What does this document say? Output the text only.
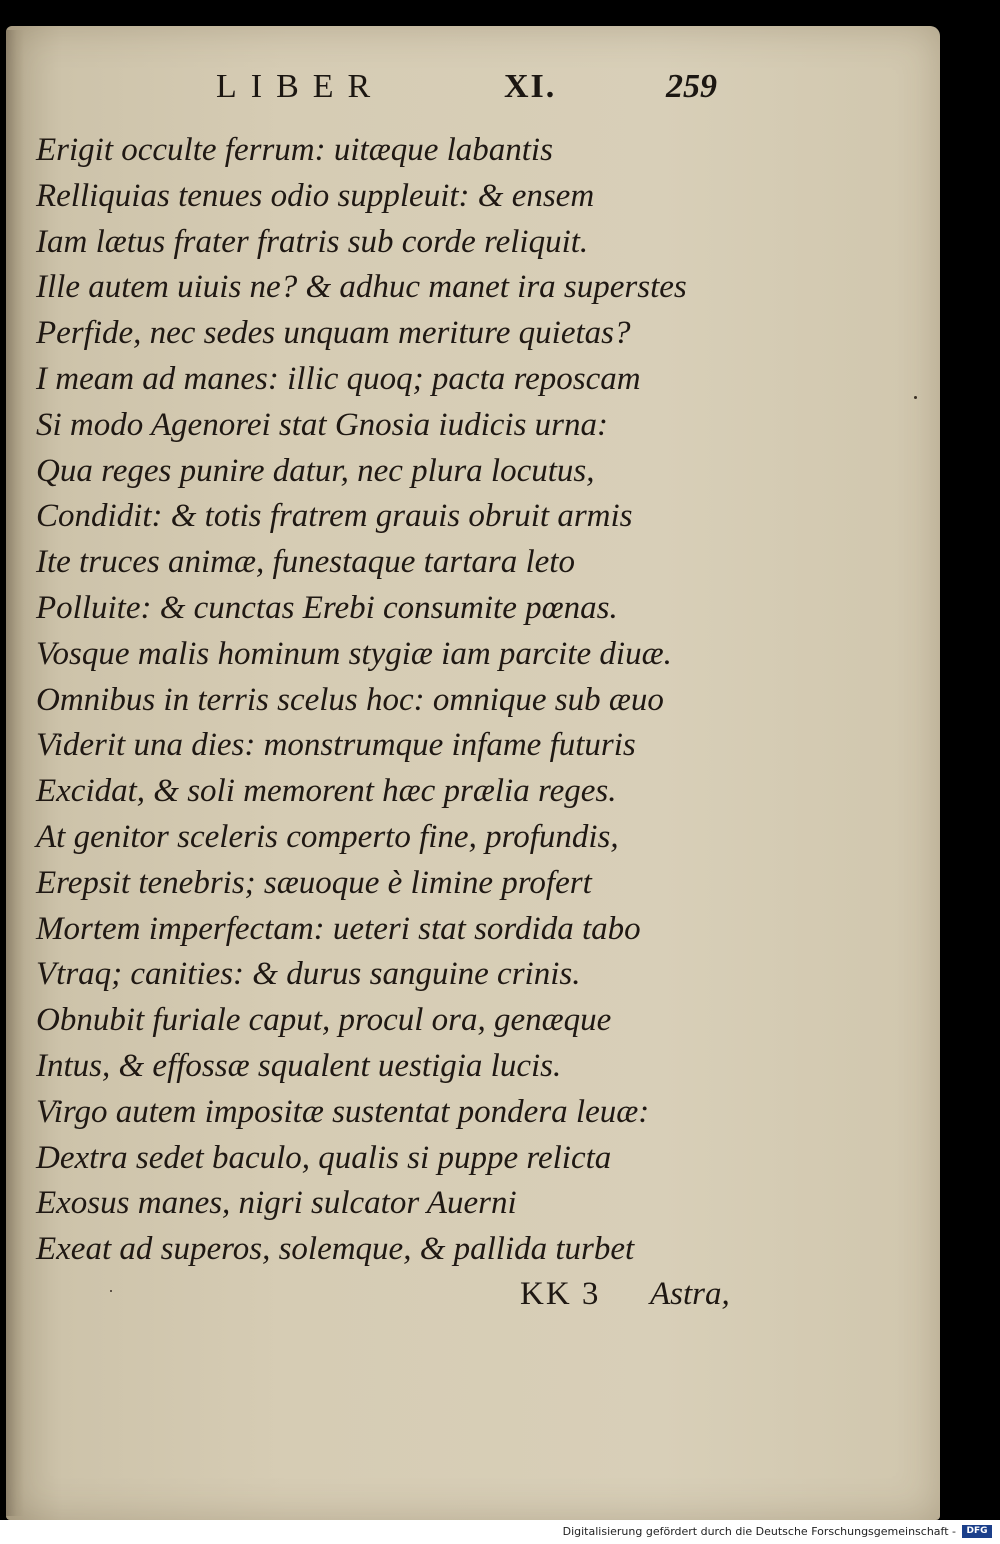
LIBER	XI.	259
Erigit occulte ferrum: uitæque labantis
Relliquias tenues odio suppleuit: & ensem
Iam lætus frater fratris sub corde reliquit.
Ille autem uiuis ne? & adhuc manet ira superstes
Perfide, nec sedes unquam meriture quietas?
I meam ad manes: illic quoq; pacta reposcam
Si modo Agenorei stat Gnosia iudicis urna:
Qua reges punire datur, nec plura locutus,
Condidit: & totis fratrem grauis obruit armis
Ite truces animæ, funestaque tartara leto
Polluite: & cunctas Erebi consumite pœnas.
Vosque malis hominum stygiæ iam parcite diuæ.
Omnibus in terris scelus hoc: omnique sub æuo
Viderit una dies: monstrumque infame futuris
Excidat, & soli memorent hæc prælia reges.
At genitor sceleris comperto fine, profundis,
Erepsit tenebris; sæuoque è limine profert
Mortem imperfectam: ueteri stat sordida tabo
Vtraq; canities: & durus sanguine crinis.
Obnubit furiale caput, procul ora, genæque
Intus, & effossæ squalent uestigia lucis.
Virgo autem impositæ sustentat pondera leuæ:
Dextra sedet baculo, qualis si puppe relicta
Exosus manes, nigri sulcator Auerni
Exeat ad superos, solemque, & pallida turbet
KK 3 Astra,
Digitalisierung gefördert durch die Deutsche Forschungsgemeinschaft -	DFG
